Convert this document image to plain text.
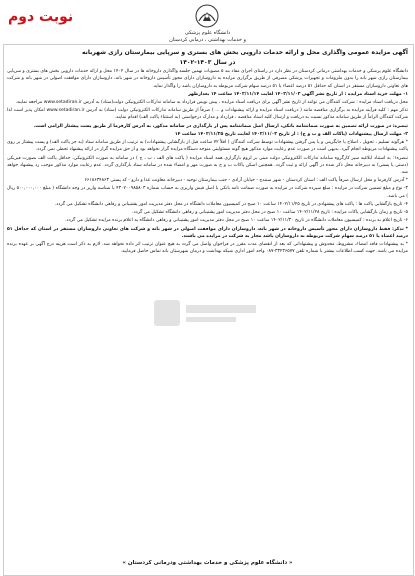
دانشگاه علوم پزشکی
و خدمات بهداشتی ، درمانی کردستان
نوبت دوم

آگهی مزایده عمومی واگذاری محل و ارائه خدمات دارویی بخش های بستری و سرپایی بیمارستان رازی شهربانه

در سال ۱۴۰۳-۱۴۰۲

دانشگاه علوم پزشکی و خدمات بهداشتی درمانی کردستان در نظر دارد در راستای اجرای مفاد بند ۵ مصوبات نهمین جلسه واگذاری داروخانه ها در سال ۱۴۰۲ محل و ارائه خدمات دارویی بخش های بستری و سرپایی بیمارستان رازی شهر بانه را بدون ملزومات و تجهیزات پزشکی مصرفی از طریق برگزاری مزایده به داروسازان دارای مجوز تأسیس داروخانه در شهر بانه، داروسازان دارای موافقت اصولی در شهر بانه و شرکت های تعاونی داروسازان مستقر در استان که حداقل ۵۱ درصد اعضاء یا ۵۱ درصد سهام شرکت مربوطه به داروسازان باشد را واگذار نماید.

۱- مهلت خرید اسناد مزایده : از تاریخ نشر آگهی ۱۴۰۲/۱۱/۰۳ لغایت ۱۴۰۲/۱۱/۱۴ ساعت ۱۴ بعدازظهر

محل دریافت اسناد مزایده : شرکت کنندگان می توانند از تاریخ نشر آگهی برای دریافت اسناد مزایده ، پیش نویس قرارداد به سامانه تدارکات الکترونیکی دولت(ستاد) به آدرس www.setadiran.ir مراجعه نمایند.

تذکر مهم : کلیه فرآیند مزایده به برگزاری مناقصه مانند ( دریافت اسناد مزایده و ارائه پیشنهادات و ... ) صرفاً از طریق سامانه تدارکات الکترونیکی دولت (ستاد) به آدرس www.setadiran.ir امکان پذیر است لذا شرکت کنندگان الزاماً از طریق سامانه مذکور نسبت به دریافت و ارسال کلیه اسناد مناقصه ، قرارداد و مدارک درخواستی (به استثناء پاکت الف) اقدام نمایند.

تبصره: در صورت ارائه تضمین به صورت ضمانتنامه بانکی، ارسال اصل ضمانتنامه پس از بارگذاری در سامانه مذکور، به آدرس کارفرما از طریق پست پیشتاز الزامی است.

۲- مهلت ارسال پیشنهادات (پاکات الف و ب و ج) : از تاریخ ۱۴۰۲/۱۱/۰۳ لغایت تاریخ ۱۴۰۲/۱۱/۲۵ ساعت ۱۴

* هرگونه تسلیم ، تحویل ، اصلاح یا جایگزینی و یا پس گرفتن پیشنهادات توسط شرکت کنندگان ( اقلاً ۷۲ ساعت قبل از بازگشایی پیشنهادات) به ترتیب از طریق سامانه ستاد (به جز پاکت الف) و پست پیشتاز بر روی پاکت پیشنهادات مربوطه انجام گیرد. بدیهی است در صورت عدم رعایت موارد مذکور هیچ گونه مسئولیتی متوجه دستگاه مزایده گزار نخواهد بود و از حق مزایده گزار در ارائه پیشنهاد تخطی نمی گردد.

تبصره۱: به استناد ابلاغیه سیر کارگروه سامانه تدارکات الکترونیکی دولت مبنی بر لزوم بارگزاری همه اسناد مزایده ( پاکت های الف ، ب ، ج ) در سامانه به صورت الکترونیکی، حداقل پاکت الف بصورت فیزیکی (دستی یا پستی) به دبیرخانه محل ذکر شده در آگهی ارائه و ثبت گردد. همچنین اسکن پاکات ب و ج به صورت مهر و امضاء شده در سامانه ستاد بارگذاری گردد. عدم رعایت موارد مذکور موجب رد پیشنهاد خواهد شد.

* آدرس کارفرما و محل ارسال صرفاً پاکت الف : استان کردستان - شهر سنندج - خیابان آزادی - جنب بیمارستان توحید - دبیرخانه معاونت غذا و دارو - کد پستی ۶۶۱۸۶۳۴۸۶۳

۳- نوع و مبلغ تضمین شرکت در مزایده : مبلغ سپرده شرکت در مزایده به صورت ضمانت نامه بانکی یا اصل فیش واریزی به حساب شماره ۴۳۰۲۰۰۹۸۵۸۰۳ با شناسه واریز در وجه دانشگاه ( مبلغ ۵۰۰,۰۰۰,۰۰۰ ریال ) می باشد.

۴- تاریخ بازگشایی پاکت ها : پاکت های پیشنهادی در تاریخ ۱۴۰۲/۱۱/۲۵ ساعت ۱۰ صبح در کمیسیون معاملات دانشگاه در محل دفتر مدیریت امور پشتیبانی و رفاهی دانشگاه تشکیل می گردد.

۵- تاریخ و زمان بازگشایی پاکات مزایده : تاریخ ۱۴۰۲/۱۱/۲۸ ساعت ۱۰ صبح در محل دفتر مدیریت امور پشتیبانی و رفاهی دانشگاه تشکیل می گردد.

۶- تاریخ اعلام به برنده : کمیسیون معاملات دانشگاه در تاریخ ۱۴۰۲/۱۱/۳۰ ساعت ۱۰ صبح در محل دفتر مدیریت امور پشتیبانی و رفاهی دانشگاه به اعلام برنده مزایده تشکیل می گردد.

* تذکر: فقط داروسازان دارای مجوز تأسیس داروخانه در شهر بانه، داروسازان دارای موافقت اصولی در شهر بانه و شرکت های تعاونی داروسازان مستقر در استان که حداقل ۵۱ درصد اعضاء یا ۵۱ درصد سهام شرکت مربوطه به داروسازان باشد مجاز به شرکت در مزایده می باشند.

* به پیشنهادات فاقد امضاء، مشروط، مخدوش و پیشنهاداتی که بعد از انقضای مدت مقرر در فراخوان واصل می گردد به هیچ عنوان ترتیب اثر داده نخواهد شد. لازم به ذکر است هزینه درج آگهی بر عهده برنده مزایده می باشد. جهت کسب اطلاعات بیشتر با شماره تلفن ۳۳۲۳۶۵۷۷-۰۸۷ واحد امور اداری شبکه بهداشت و درمان شهرستان بانه تماس حاصل فرمایید.

« دانشگاه علوم پزشکی و خدمات بهداشتی ودرمانی کردستان »
